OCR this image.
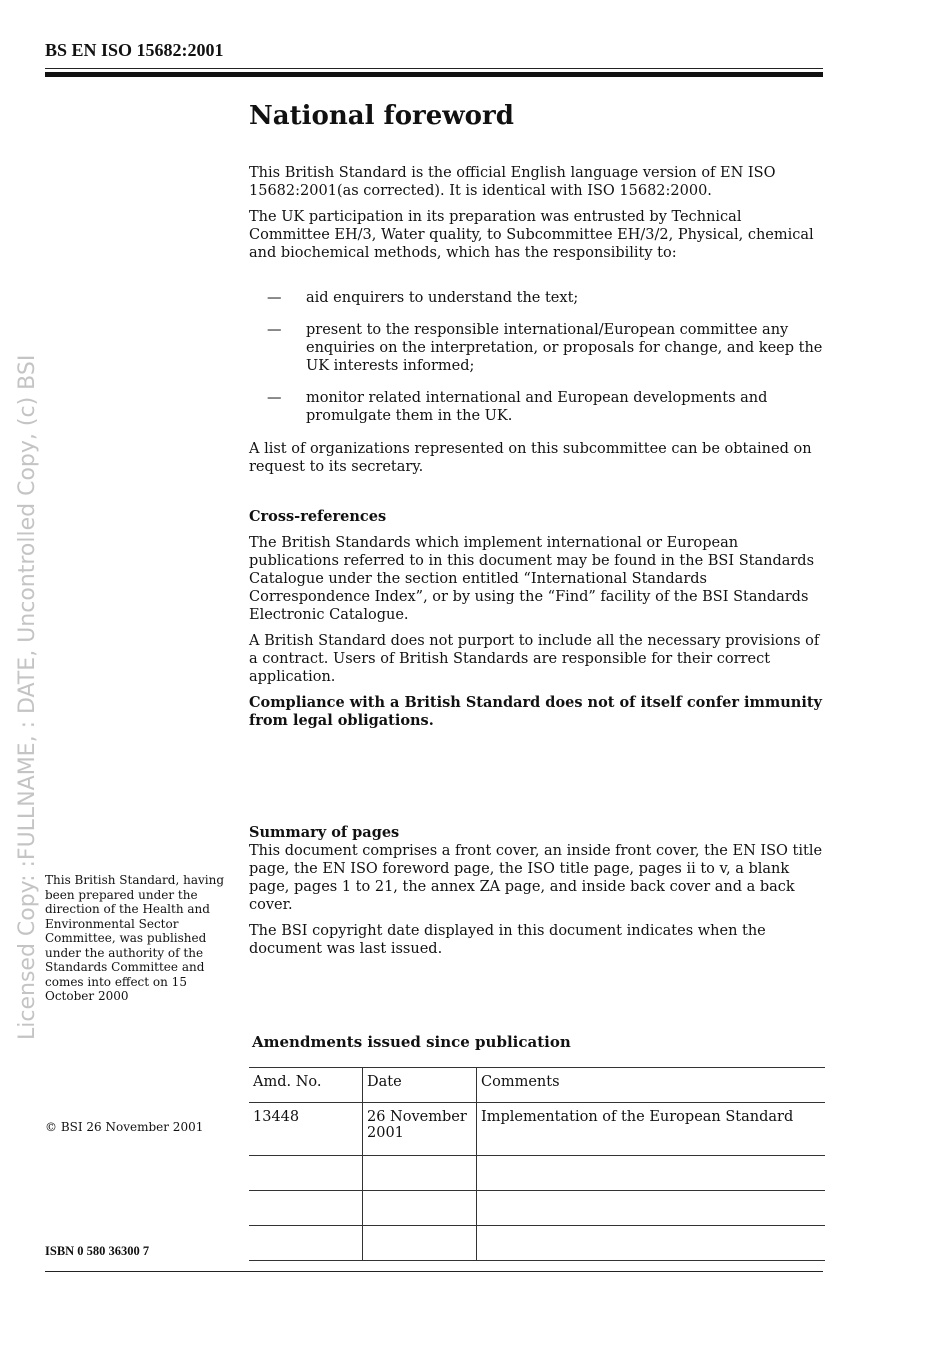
Licensed Copy: :FULLNAME, : DATE, Uncontrolled Copy, (c) BSI
BS EN ISO 15682:2001
National foreword

This British Standard is the official English language version of EN ISO 15682:2001(as corrected). It is identical with ISO 15682:2000.

The UK participation in its preparation was entrusted by Technical Committee EH/3, Water quality, to Subcommittee EH/3/2, Physical, chemical and biochemical methods, which has the responsibility to:

— aid enquirers to understand the text;
— present to the responsible international/European committee any enquiries on the interpretation, or proposals for change, and keep the UK interests informed;
— monitor related international and European developments and promulgate them in the UK.
A list of organizations represented on this subcommittee can be obtained on request to its secretary.

Cross-references

The British Standards which implement international or European publications referred to in this document may be found in the BSI Standards Catalogue under the section entitled “International Standards Correspondence Index”, or by using the “Find” facility of the BSI Standards Electronic Catalogue.

A British Standard does not purport to include all the necessary provisions of a contract. Users of British Standards are responsible for their correct application.

Compliance with a British Standard does not of itself confer immunity from legal obligations.

Summary of pages

This document comprises a front cover, an inside front cover, the EN ISO title page, the EN ISO foreword page, the ISO title page, pages ii to v, a blank page, pages 1 to 21, the annex ZA page, and inside back cover and a back cover.

The BSI copyright date displayed in this document indicates when the document was last issued.

This British Standard, having been prepared under the direction of the Health and Environmental Sector Committee, was published under the authority of the Standards Committee and comes into effect on 15 October 2000
© BSI 26 November 2001
ISBN 0 580 36300 7
Amendments issued since publication
Amd. No.	Date	Comments
13448	26 November 2001	Implementation of the European Standard
